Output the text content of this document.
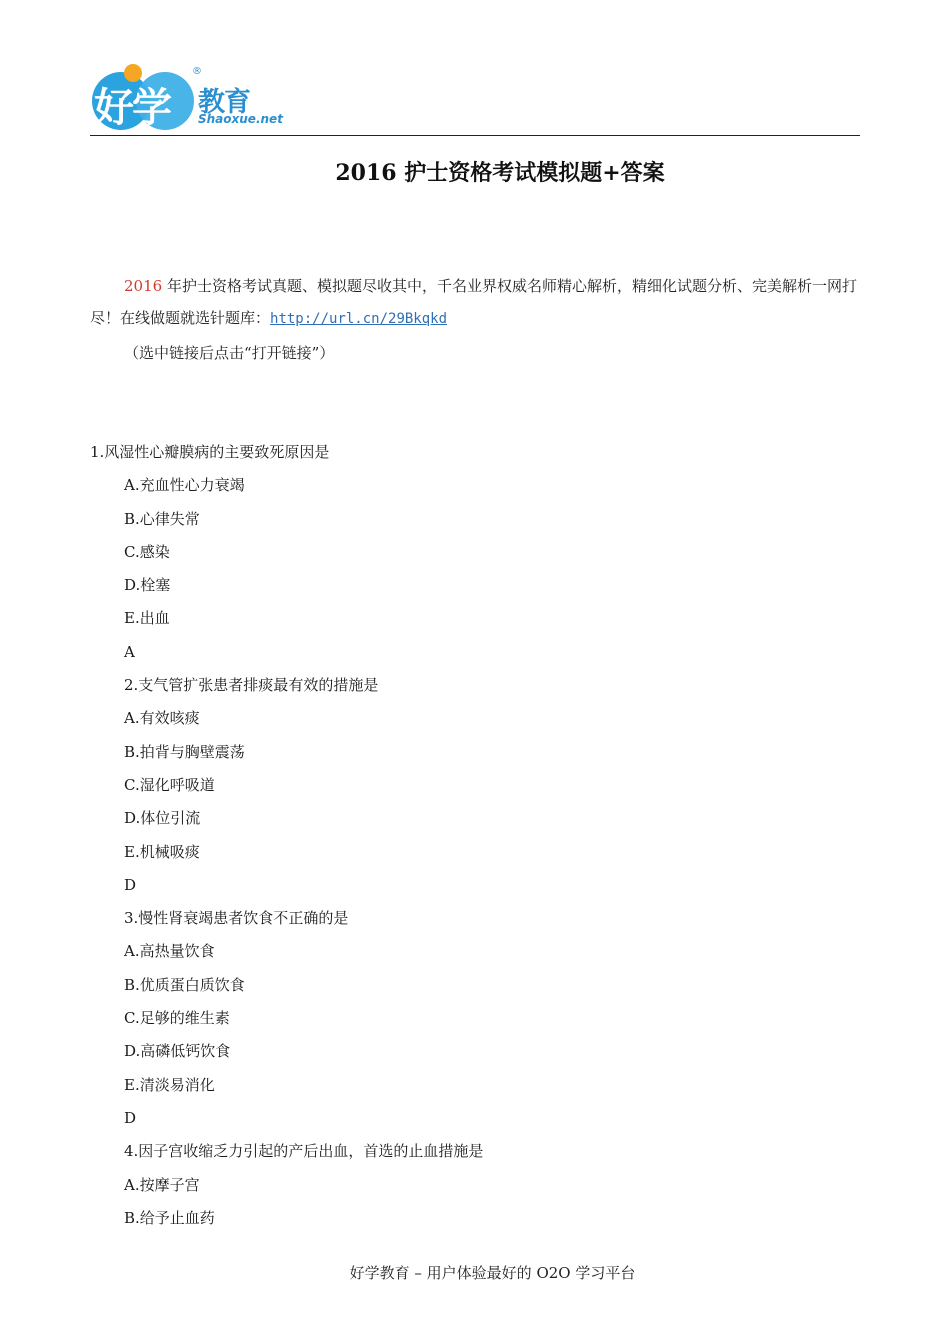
好学
®
教育
Shaoxue.net
2016 护士资格考试模拟题+答案
2016 年护士资格考试真题、模拟题尽收其中，千名业界权威名师精心解析，精细化试题分析、完美解析一网打尽！在线做题就选针题库：http://url.cn/29Bkqkd
（选中链接后点击“打开链接”）
1.风湿性心瓣膜病的主要致死原因是
A.充血性心力衰竭
B.心律失常
C.感染
D.栓塞
E.出血
A
2.支气管扩张患者排痰最有效的措施是
A.有效咳痰
B.拍背与胸壁震荡
C.湿化呼吸道
D.体位引流
E.机械吸痰
D
3.慢性肾衰竭患者饮食不正确的是
A.高热量饮食
B.优质蛋白质饮食
C.足够的维生素
D.高磷低钙饮食
E.清淡易消化
D
4.因子宫收缩乏力引起的产后出血，首选的止血措施是
A.按摩子宫
B.给予止血药
好学教育 – 用户体验最好的 O2O 学习平台
